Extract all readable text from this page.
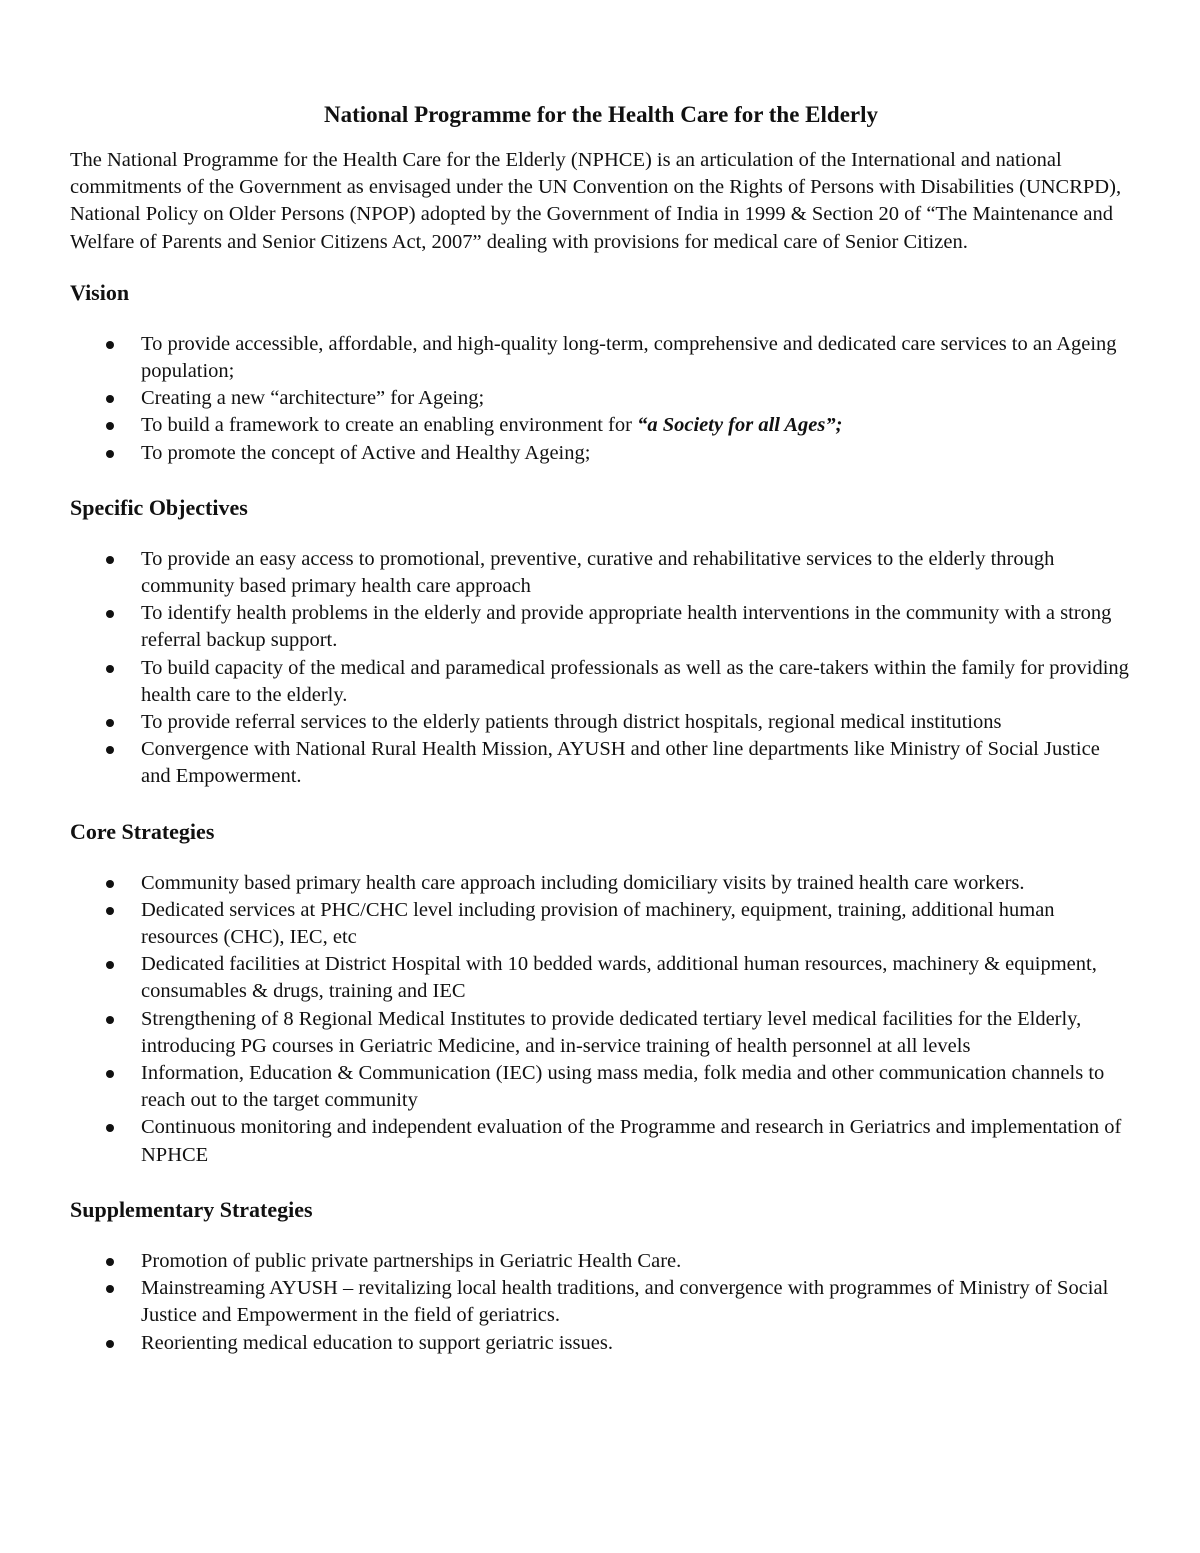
National Programme for the Health Care for the Elderly

The National Programme for the Health Care for the Elderly (NPHCE) is an articulation of the International and national commitments of the Government as envisaged under the UN Convention on the Rights of Persons with Disabilities (UNCRPD), National Policy on Older Persons (NPOP) adopted by the Government of India in 1999 & Section 20 of “The Maintenance and Welfare of Parents and Senior Citizens Act, 2007” dealing with provisions for medical care of Senior Citizen.

Vision
To provide accessible, affordable, and high-quality long-term, comprehensive and dedicated care services to an Ageing population;
Creating a new “architecture” for Ageing;
To build a framework to create an enabling environment for “a Society for all Ages”;
To promote the concept of Active and Healthy Ageing;
Specific Objectives
To provide an easy access to promotional, preventive, curative and rehabilitative services to the elderly through community based primary health care approach
To identify health problems in the elderly and provide appropriate health interventions in the community with a strong referral backup support.
To build capacity of the medical and paramedical professionals as well as the care-takers within the family for providing health care to the elderly.
To provide referral services to the elderly patients through district hospitals, regional medical institutions
Convergence with National Rural Health Mission, AYUSH and other line departments like Ministry of Social Justice and Empowerment.
Core Strategies
Community based primary health care approach including domiciliary visits by trained health care workers.
Dedicated services at PHC/CHC level including provision of machinery, equipment, training, additional human resources (CHC), IEC, etc
Dedicated facilities at District Hospital with 10 bedded wards, additional human resources, machinery & equipment, consumables & drugs, training and IEC
Strengthening of 8 Regional Medical Institutes to provide dedicated tertiary level medical facilities for the Elderly, introducing PG courses in Geriatric Medicine, and in-service training of health personnel at all levels
Information, Education & Communication (IEC) using mass media, folk media and other communication channels to reach out to the target community
Continuous monitoring and independent evaluation of the Programme and research in Geriatrics and implementation of NPHCE
Supplementary Strategies
Promotion of public private partnerships in Geriatric Health Care.
Mainstreaming AYUSH – revitalizing local health traditions, and convergence with programmes of Ministry of Social Justice and Empowerment in the field of geriatrics.
Reorienting medical education to support geriatric issues.
